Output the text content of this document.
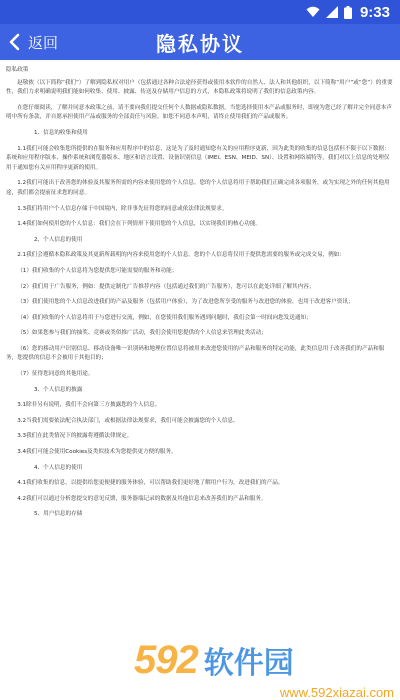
9:33
返回	隐私协议
隐私政策
赵敬侬（以下简称“我们”）了解到隐私权对用户（包括通过各种合法途径获得或使用本软件的自然人、法人和其他组织，以下简称“用户”或“您”）的重要性，我们力求明确说明我们能如何收集、使用、披露、传送及存储用户信息的方式，本隐私政策将说明了我们的信息政策内容。
在您仔细阅读，了解并同意本政策之前，请不要向我们提交任何个人数据或隐私数据，当您选择使用本产品或服务时，即视为您已经了解并完全同意本声明中所有条款，并自愿承担使用产品或服务的全部责任与风险，如您不同意本声明，请终止使用我们的产品或服务。
1、信息的收集和使用
1.1我们可能会收集您所提供的在服务和应用程序中的信息，这是为了及时通知您有关的应用程序更新，因为此类的收集的信息包括但不限于以下数据：系统和应用程序版本、操作系统和浏览器版本、地区和语言设置、设备识别信息（IMEI、ESN、MEID、SN）、设置和网络端特等，我们对以上信息的处理仅用于通知您有关应用程序更新的使用。
1.2我们可能出于改善您的体验及其服务所需的内容来使用您的个人信息。您的个人信息将用于帮助我们正确完成各项服务，或为实现之外的任何其他用途，我们都会提前征求您的同意。
1.3我们将用户个人信息存储于中国境内，除非事先征得您的同意或依法律法规要求。
1.4我们如何使用您的个人信息：我们会在下列情形下使用您的个人信息，以实现我们的核心功能。
2、个人信息的使用
2.1我们会遵循本隐私政策及其更新所载明的内容来使用您的个人信息。您的个人信息将仅用于提供您需要的服务或完成交易，例如：
（1）我们收集的个人信息将为您提供您可能需要的服务和功能；
（2）我们用于广告服务，例如：提供定制化广告推荐内容（包括通过我们的广告服务），您可以在此处详细了解其内容；
（3）我们使用您的个人信息改进我们的产品及服务（包括用户体验），为了改进您所享受的服务与改进您的体验，也用于改进客户资讯；
（4）我们收集的个人信息将用于与您进行交流，例如，在您使用我们服务遇到问题时，我们会第一时间向您发送通知；
（5）如果您参与我们的抽奖、竞赛或类似推广活动，我们会使用您提供的个人信息来管理此类活动；
（6）您的移动用户识别信息、移动设备唯一识别码和地理位置信息将被用来改进您使用的产品和服务的特定功能，此类信息用于改善我们的产品和服务，您提供的信息不会被用于其他目的；
（7）征得您同意的其他用途。
3、个人信息的披露
3.1除非另有说明，我们不会向第三方披露您的个人信息。
3.2当我们需要依法配合执法部门，或根据法律法规要求，我们可能会披露您的个人信息。
3.3我们在此类情况下的披露将遵循法律规定。
3.4我们可能会使用Cookies及类似技术为您提供更方便的服务。
4、个人信息的使用
4.1我们收集的信息，以提供给您更便捷的服务体验，可以帮助我们更好地了解用户行为，改进我们的产品。
4.2我们可以通过分析您提交的意见反馈，服务器端记录的数据及其他信息来改善我们的产品和服务。
5、用户信息的存储
592 软件园
www.592xiazai.com
